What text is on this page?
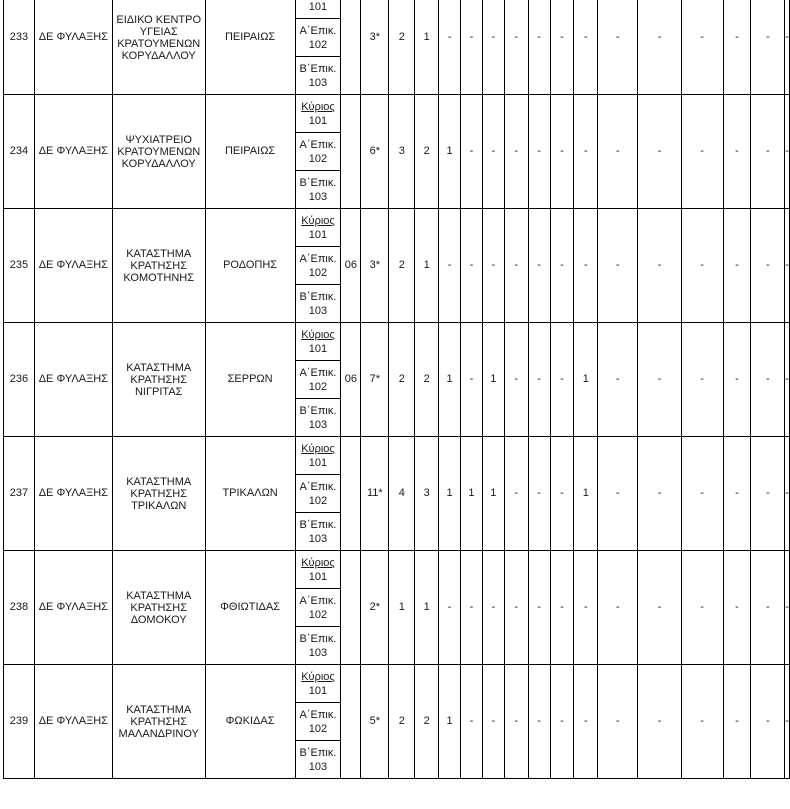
233	ΔΕ ΦΥΛΑΞΗΣ	ΕΙΔΙΚΟ ΚΕΝΤΡΟ ΥΓΕΙΑΣ ΚΡΑΤΟΥΜΕΝΩΝ ΚΟΡΥΔΑΛΛΟΥ	ΠΕΙΡΑΙΩΣ	101		3*	2	1	-	-	-	-	-	-	-	-	-	-	-	-	-

				Α΄Επικ.
102																	

				Β΄Επικ.
103																	

234	ΔΕ ΦΥΛΑΞΗΣ	ΨΥΧΙΑΤΡΕΙΟ ΚΡΑΤΟΥΜΕΝΩΝ ΚΟΡΥΔΑΛΛΟΥ	ΠΕΙΡΑΙΩΣ	Κύριος
101		6*	3	2	1	-	-	-	-	-	-	-	-	-	-	-	-

				Α΄Επικ.
102																	

				Β΄Επικ.
103																	

235	ΔΕ ΦΥΛΑΞΗΣ	ΚΑΤΑΣΤΗΜΑ ΚΡΑΤΗΣΗΣ ΚΟΜΟΤΗΝΗΣ	ΡΟΔΟΠΗΣ	Κύριος
101	06	3*	2	1	-	-	-	-	-	-	-	-	-	-	-	-	-

				Α΄Επικ.
102																	

				Β΄Επικ.
103																	

236	ΔΕ ΦΥΛΑΞΗΣ	ΚΑΤΑΣΤΗΜΑ ΚΡΑΤΗΣΗΣ ΝΙΓΡΙΤΑΣ	ΣΕΡΡΩΝ	Κύριος
101	06	7*	2	2	1	-	1	-	-	-	1	-	-	-	-	-	-

				Α΄Επικ.
102																	

				Β΄Επικ.
103																	

237	ΔΕ ΦΥΛΑΞΗΣ	ΚΑΤΑΣΤΗΜΑ ΚΡΑΤΗΣΗΣ ΤΡΙΚΑΛΩΝ	ΤΡΙΚΑΛΩΝ	Κύριος
101		11*	4	3	1	1	1	-	-	-	1	-	-	-	-	-	-

				Α΄Επικ.
102																	

				Β΄Επικ.
103																	

238	ΔΕ ΦΥΛΑΞΗΣ	ΚΑΤΑΣΤΗΜΑ ΚΡΑΤΗΣΗΣ ΔΟΜΟΚΟΥ	ΦΘΙΩΤΙΔΑΣ	Κύριος
101		2*	1	1	-	-	-	-	-	-	-	-	-	-	-	-	-

				Α΄Επικ.
102																	

				Β΄Επικ.
103																	

239	ΔΕ ΦΥΛΑΞΗΣ	ΚΑΤΑΣΤΗΜΑ ΚΡΑΤΗΣΗΣ ΜΑΛΑΝΔΡΙΝΟΥ	ΦΩΚΙΔΑΣ	Κύριος
101		5*	2	2	1	-	-	-	-	-	-	-	-	-	-	-	-

				Α΄Επικ.
102																	

				Β΄Επικ.
103																	
